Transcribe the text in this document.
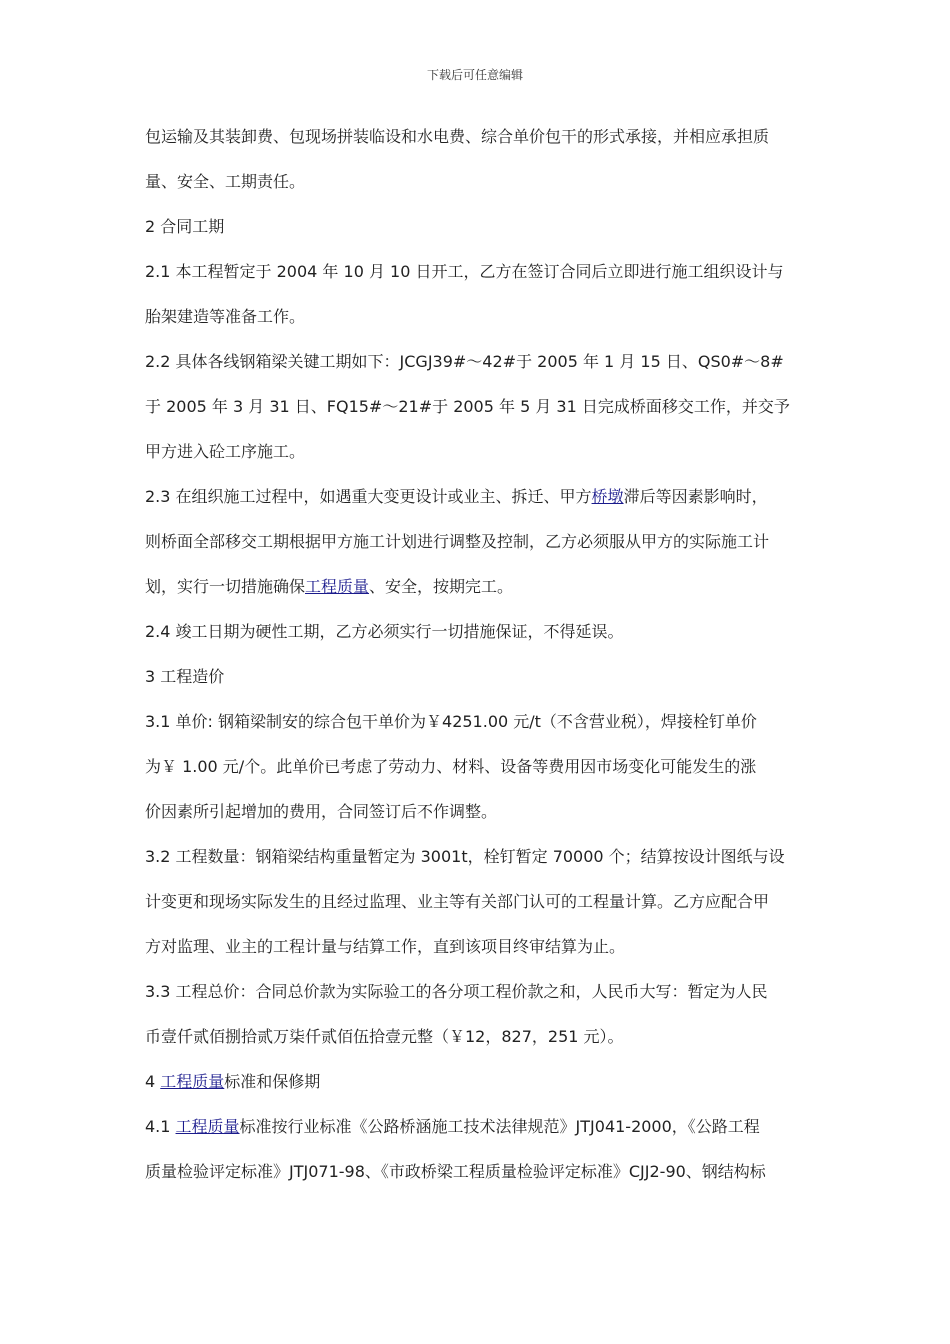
下载后可任意编辑
包运输及其装卸费、包现场拼装临设和水电费、综合单价包干的形式承接，并相应承担质
量、安全、工期责任。
2 合同工期
2.1 本工程暂定于 2004 年 10 月 10 日开工，乙方在签订合同后立即进行施工组织设计与
胎架建造等准备工作。
2.2 具体各线钢箱梁关键工期如下：JCGJ39#～42#于 2005 年 1 月 15 日、QS0#～8#
于 2005 年 3 月 31 日、FQ15#～21#于 2005 年 5 月 31 日完成桥面移交工作，并交予
甲方进入砼工序施工。
2.3 在组织施工过程中，如遇重大变更设计或业主、拆迁、甲方桥墩滞后等因素影响时，
则桥面全部移交工期根据甲方施工计划进行调整及控制，乙方必须服从甲方的实际施工计
划，实行一切措施确保工程质量、安全，按期完工。
2.4 竣工日期为硬性工期，乙方必须实行一切措施保证，不得延误。
3 工程造价
3.1 单价: 钢箱梁制安的综合包干单价为￥4251.00 元/t（不含营业税），焊接栓钉单价
为￥ 1.00 元/个。此单价已考虑了劳动力、材料、设备等费用因市场变化可能发生的涨
价因素所引起增加的费用，合同签订后不作调整。
3.2 工程数量：钢箱梁结构重量暂定为 3001t，栓钉暂定 70000 个；结算按设计图纸与设
计变更和现场实际发生的且经过监理、业主等有关部门认可的工程量计算。乙方应配合甲
方对监理、业主的工程计量与结算工作，直到该项目终审结算为止。
3.3 工程总价：合同总价款为实际验工的各分项工程价款之和，人民币大写：暂定为人民
币壹仟贰佰捌拾贰万柒仟贰佰伍拾壹元整（￥12，827，251 元）。
4 工程质量标准和保修期
4.1 工程质量标准按行业标准《公路桥涵施工技术法律规范》JTJ041-2000，《公路工程
质量检验评定标准》JTJ071-98、《市政桥梁工程质量检验评定标准》CJJ2-90、钢结构标
